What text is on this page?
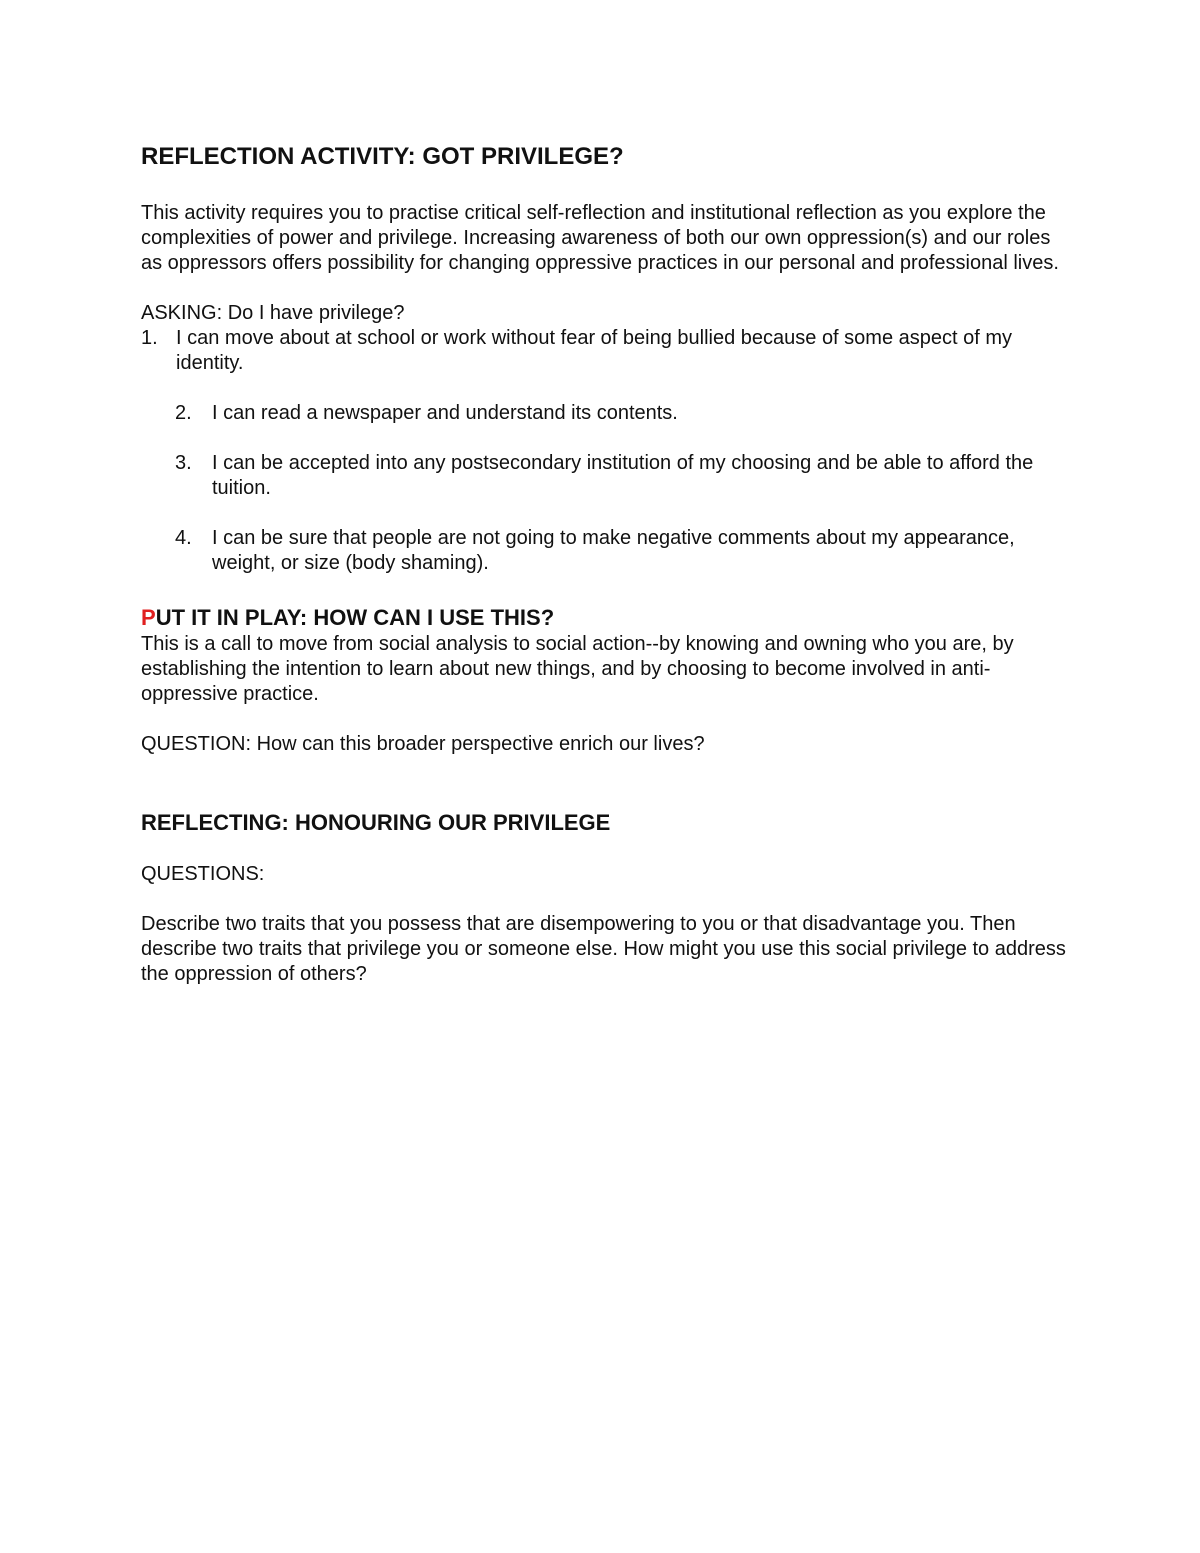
REFLECTION ACTIVITY: GOT PRIVILEGE?

This activity requires you to practise critical self-reflection and institutional reflection as you explore the complexities of power and privilege. Increasing awareness of both our own oppression(s) and our roles as oppressors offers possibility for changing oppressive practices in our personal and professional lives.

ASKING: Do I have privilege?

1. I can move about at school or work without fear of being bullied because of some aspect of my identity.
2. I can read a newspaper and understand its contents.
3. I can be accepted into any postsecondary institution of my choosing and be able to afford the tuition.
4. I can be sure that people are not going to make negative comments about my appearance, weight, or size (body shaming).
PUT IT IN PLAY: HOW CAN I USE THIS?

This is a call to move from social analysis to social action--by knowing and owning who you are, by establishing the intention to learn about new things, and by choosing to become involved in anti-oppressive practice.

QUESTION: How can this broader perspective enrich our lives?

REFLECTING: HONOURING OUR PRIVILEGE

QUESTIONS:

Describe two traits that you possess that are disempowering to you or that disadvantage you. Then describe two traits that privilege you or someone else. How might you use this social privilege to address the oppression of others?
